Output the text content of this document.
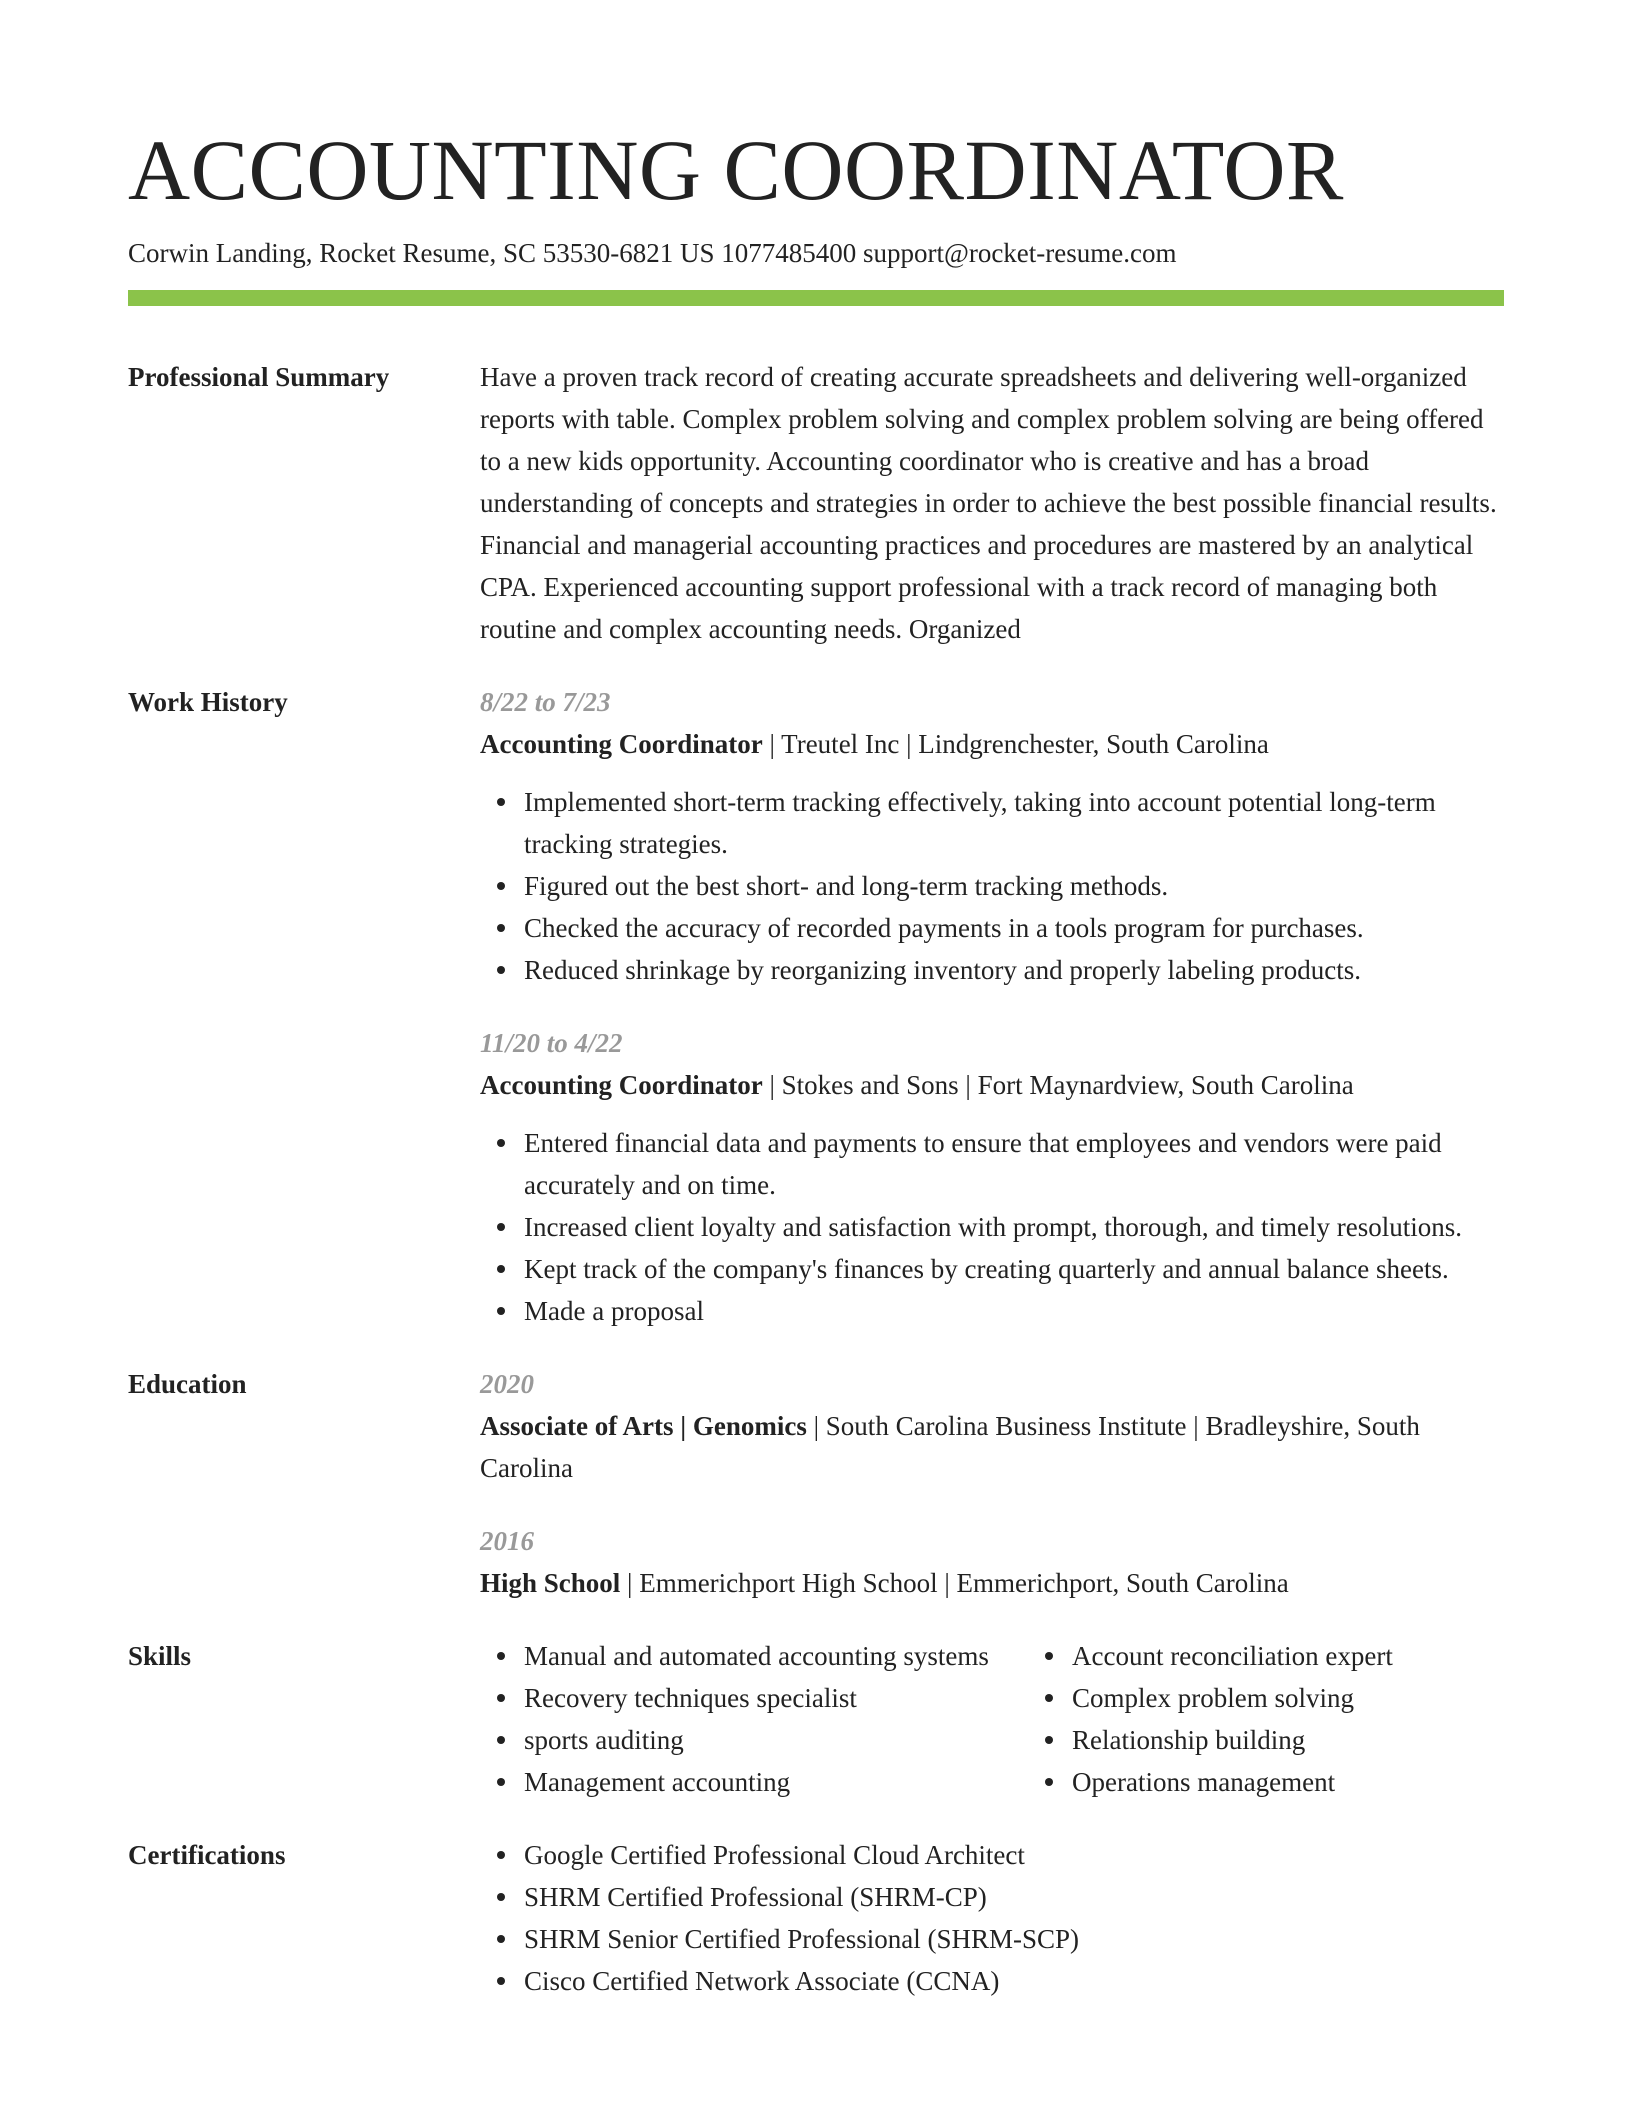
ACCOUNTING COORDINATOR
Corwin Landing, Rocket Resume, SC 53530-6821 US 1077485400 support@rocket-resume.com
Professional Summary	Have a proven track record of creating accurate spreadsheets and delivering well-organized reports with table. Complex problem solving and complex problem solving are being offered to a new kids opportunity. Accounting coordinator who is creative and has a broad understanding of concepts and strategies in order to achieve the best possible financial results. Financial and managerial accounting practices and procedures are mastered by an analytical CPA. Experienced accounting support professional with a track record of managing both routine and complex accounting needs. Organized

Work History	8/22 to 7/23
Accounting Coordinator | Treutel Inc | Lindgrenchester, South Carolina
Implemented short-term tracking effectively, taking into account potential long-term tracking strategies.
Figured out the best short- and long-term tracking methods.
Checked the accuracy of recorded payments in a tools program for purchases.
Reduced shrinkage by reorganizing inventory and properly labeling products.
11/20 to 4/22
Accounting Coordinator | Stokes and Sons | Fort Maynardview, South Carolina
Entered financial data and payments to ensure that employees and vendors were paid accurately and on time.
Increased client loyalty and satisfaction with prompt, thorough, and timely resolutions.
Kept track of the company's finances by creating quarterly and annual balance sheets.
Made a proposal
Education	2020
Associate of Arts | Genomics | South Carolina Business Institute | Bradleyshire, South Carolina
2016
High School | Emmerichport High School | Emmerichport, South Carolina
Skills	Manual and automated accounting systems
Recovery techniques specialist
sports auditing
Management accounting
Account reconciliation expert
Complex problem solving
Relationship building
Operations management
Certifications	Google Certified Professional Cloud Architect
SHRM Certified Professional (SHRM-CP)
SHRM Senior Certified Professional (SHRM-SCP)
Cisco Certified Network Associate (CCNA)
